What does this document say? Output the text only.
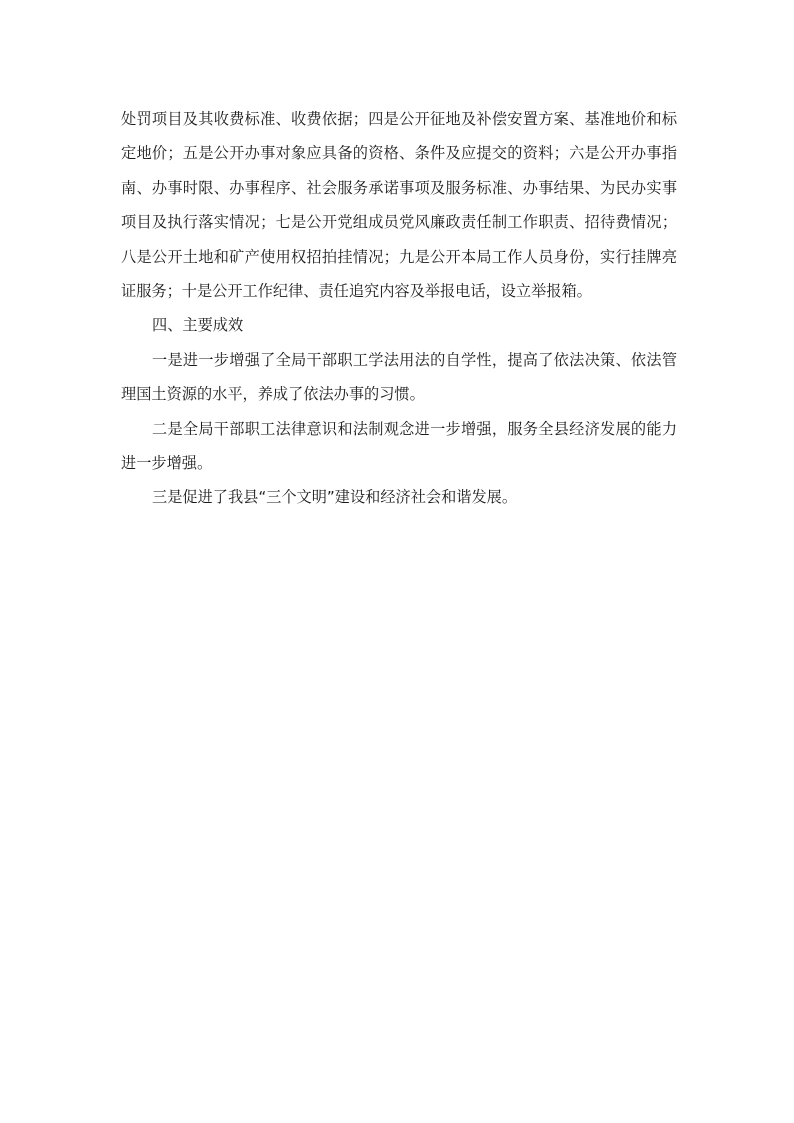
处罚项目及其收费标准、收费依据；四是公开征地及补偿安置方案、基准地价和标定地价；五是公开办事对象应具备的资格、条件及应提交的资料；六是公开办事指南、办事时限、办事程序、社会服务承诺事项及服务标准、办事结果、为民办实事项目及执行落实情况；七是公开党组成员党风廉政责任制工作职责、招待费情况；八是公开土地和矿产使用权招拍挂情况；九是公开本局工作人员身份，实行挂牌亮证服务；十是公开工作纪律、责任追究内容及举报电话，设立举报箱。

四、主要成效

一是进一步增强了全局干部职工学法用法的自学性，提高了依法决策、依法管理国土资源的水平，养成了依法办事的习惯。

二是全局干部职工法律意识和法制观念进一步增强，服务全县经济发展的能力进一步增强。

三是促进了我县“三个文明”建设和经济社会和谐发展。
